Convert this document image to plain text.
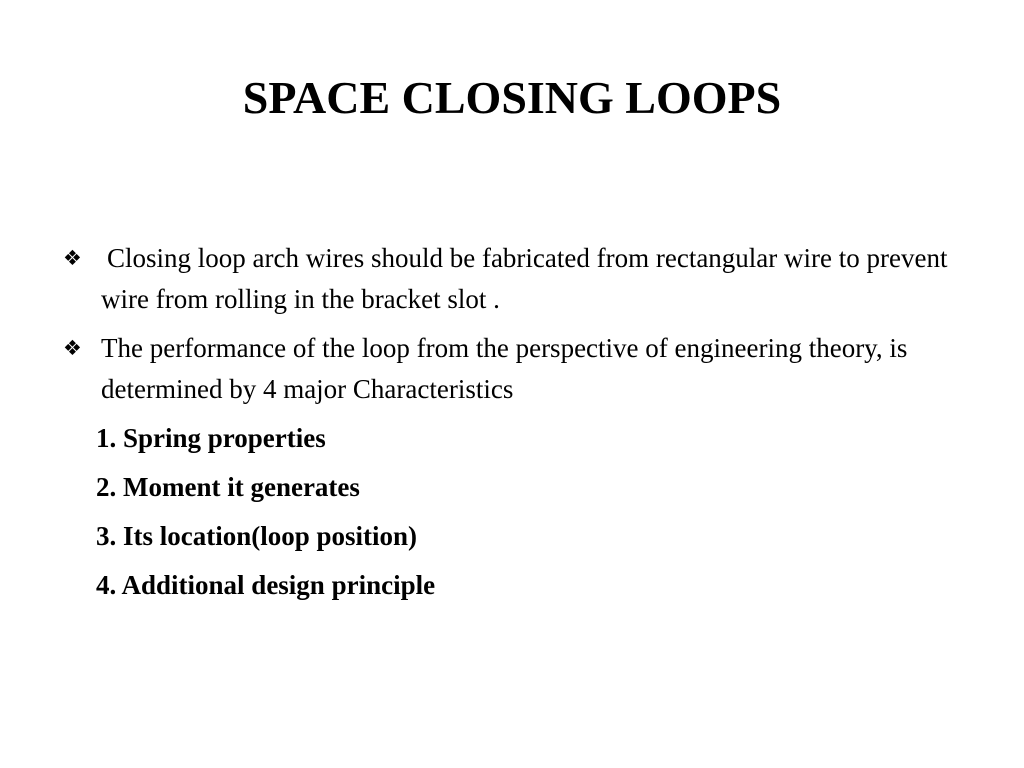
SPACE CLOSING LOOPS
❖ Closing loop arch wires should be fabricated from rectangular wire to prevent wire from rolling in the bracket slot .
❖ The performance of the loop from the perspective of engineering theory, is determined by 4 major Characteristics
1. Spring properties
2. Moment it generates
3. Its location(loop position)
4. Additional design principle
